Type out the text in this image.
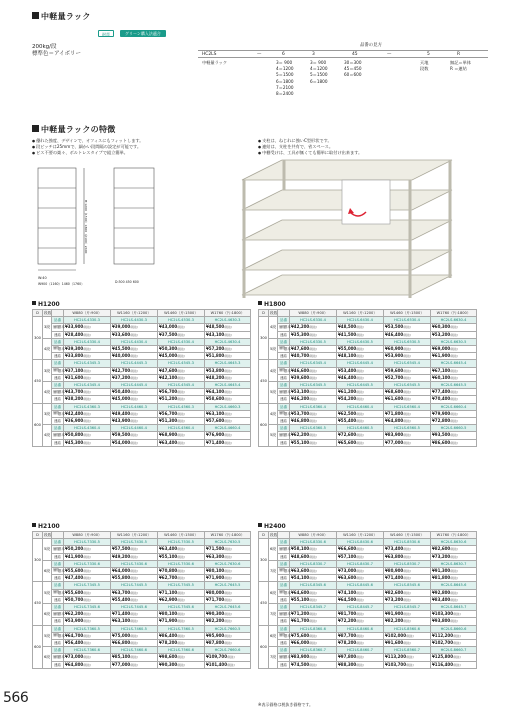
中軽量ラック
耐震	グリーン購入法適合
200kg/段
標準色＝アイボリー
品番の見方
HC2LS	—	6	3	45	—	5	R
中軽量ラック	3＝ 900
4＝1200
5＝1500
6＝1800
7＝2100
8＝2400
3＝ 900
4＝1200
5＝1500
6＝1800
30＝300
45＝450
60＝600
天地
段数
無記＝単体
R ＝連結
中軽量ラックの特徴
● 優れた強度、デザインで、オフィスにもフィットします。
● 段ピッチは25mmで、細かい段間隔の設定が可能です。
● ビス不要の楽々、ボルトレスタイプで組立簡単。
● 支柱は、ねじれに強いC型形状です。
● 連結は、支柱を共有で、省スペース。
● 中棚受けは、工具が無くても簡単に取付け出来ます。
W:40
W900（1160）1460（1760）	D:300 450 600
H:1200（1500）1800（2100）2400
H1200
D	段数		W880（片:900）	W1160（片:1200）	W1460（片:1500）	W1760（片:1800）
300	3段	品番	HC2LS-4330-3	HC2LS-4430-3	HC2LS-4530-3	HC2LS-4630-3
		価格基本	¥33,900(税抜)	¥39,000(税抜)	¥43,000(税抜)	¥48,500(税抜)
		連結	¥28,400(税抜)	¥33,600(税抜)	¥37,500(税抜)	¥43,100(税抜)
	4段	品番	HC2LS-4330-4	HC2LS-4430-4	HC2LS-4530-4	HC2LS-4630-4
		価格基本	¥39,300(税抜)	¥45,500(税抜)	¥50,300(税抜)	¥57,200(税抜)
		連結	¥33,800(税抜)	¥40,000(税抜)	¥45,000(税抜)	¥51,800(税抜)
450	3段	品番	HC2LS-4345-3	HC2LS-4445-3	HC2LS-4545-3	HC2LS-4645-3
		価格基本	¥37,100(税抜)	¥42,700(税抜)	¥47,600(税抜)	¥53,800(税抜)
		連結	¥31,600(税抜)	¥37,200(税抜)	¥42,100(税抜)	¥48,200(税抜)
	4段	品番	HC2LS-4345-4	HC2LS-4445-4	HC2LS-4545-4	HC2LS-4645-4
		価格基本	¥43,700(税抜)	¥50,400(税抜)	¥56,700(税抜)	¥64,100(税抜)
		連結	¥38,200(税抜)	¥45,000(税抜)	¥51,200(税抜)	¥58,600(税抜)
600	3段	品番	HC2LS-4360-3	HC2LS-4460-3	HC2LS-4560-3	HC2LS-4660-3
		価格基本	¥42,400(税抜)	¥49,400(税抜)	¥56,700(税抜)	¥63,100(税抜)
		連結	¥36,900(税抜)	¥43,900(税抜)	¥51,300(税抜)	¥57,600(税抜)
	4段	品番	HC2LS-4360-4	HC2LS-4460-4	HC2LS-4560-4	HC2LS-4660-4
		価格基本	¥50,800(税抜)	¥59,500(税抜)	¥68,900(税抜)	¥76,900(税抜)
		連結	¥45,300(税抜)	¥54,000(税抜)	¥63,400(税抜)	¥71,400(税抜)
H1800
D	段数		W880（片:900）	W1160（片:1200）	W1460（片:1500）	W1760（片:1800）
300	4段	品番	HC2LS-6330-4	HC2LS-6430-4	HC2LS-6530-4	HC2LS-6630-4
		価格基本	¥42,200(税抜)	¥48,500(税抜)	¥53,500(税抜)	¥60,300(税抜)
		連結	¥35,300(税抜)	¥41,500(税抜)	¥46,400(税抜)	¥53,200(税抜)
	5段	品番	HC2LS-6330-5	HC2LS-6430-5	HC2LS-6530-5	HC2LS-6630-5
		価格基本	¥47,600(税抜)	¥55,000(税抜)	¥60,900(税抜)	¥69,000(税抜)
		連結	¥40,700(税抜)	¥48,100(税抜)	¥53,900(税抜)	¥61,900(税抜)
450	4段	品番	HC2LS-6345-4	HC2LS-6445-4	HC2LS-6545-4	HC2LS-6645-4
		価格基本	¥46,600(税抜)	¥53,400(税抜)	¥59,600(税抜)	¥67,100(税抜)
		連結	¥39,600(税抜)	¥46,400(税抜)	¥52,700(税抜)	¥60,100(税抜)
	5段	品番	HC2LS-6345-5	HC2LS-6445-5	HC2LS-6545-5	HC2LS-6645-5
		価格基本	¥53,100(税抜)	¥61,200(税抜)	¥68,600(税抜)	¥77,400(税抜)
		連結	¥46,200(税抜)	¥54,200(税抜)	¥61,600(税抜)	¥70,400(税抜)
600	4段	品番	HC2LS-6360-4	HC2LS-6460-4	HC2LS-6560-4	HC2LS-6660-4
		価格基本	¥53,700(税抜)	¥62,500(税抜)	¥71,800(税抜)	¥79,900(税抜)
		連結	¥46,800(税抜)	¥55,400(税抜)	¥64,800(税抜)	¥72,800(税抜)
	5段	品番	HC2LS-6360-5	HC2LS-6460-5	HC2LS-6560-5	HC2LS-6660-5
		価格基本	¥62,200(税抜)	¥72,600(税抜)	¥83,900(税抜)	¥93,500(税抜)
		連結	¥55,100(税抜)	¥65,600(税抜)	¥77,000(税抜)	¥86,600(税抜)
H2100
D	段数		W880（片:900）	W1160（片:1200）	W1460（片:1500）	W1760（片:1800）
300	5段	品番	HC2LS-7330-5	HC2LS-7430-5	HC2LS-7530-5	HC2LS-7630-5
		価格基本	¥50,200(税抜)	¥57,500(税抜)	¥63,400(税抜)	¥71,500(税抜)
		連結	¥41,900(税抜)	¥49,200(税抜)	¥55,100(税抜)	¥63,300(税抜)
	6段	品番	HC2LS-7330-6	HC2LS-7430-6	HC2LS-7530-6	HC2LS-7630-6
		価格基本	¥55,600(税抜)	¥64,000(税抜)	¥70,800(税抜)	¥80,100(税抜)
		連結	¥47,400(税抜)	¥55,800(税抜)	¥62,700(税抜)	¥71,900(税抜)
450	5段	品番	HC2LS-7345-5	HC2LS-7445-5	HC2LS-7545-5	HC2LS-7645-5
		価格基本	¥55,600(税抜)	¥63,700(税抜)	¥71,100(税抜)	¥80,000(税抜)
		連結	¥50,700(税抜)	¥55,400(税抜)	¥62,900(税抜)	¥71,700(税抜)
	6段	品番	HC2LS-7345-6	HC2LS-7445-6	HC2LS-7545-6	HC2LS-7645-6
		価格基本	¥62,200(税抜)	¥71,400(税抜)	¥80,100(税抜)	¥90,300(税抜)
		連結	¥53,900(税抜)	¥63,100(税抜)	¥71,900(税抜)	¥82,200(税抜)
600	5段	品番	HC2LS-7360-5	HC2LS-7460-5	HC2LS-7560-5	HC2LS-7660-5
		価格基本	¥64,700(税抜)	¥75,000(税抜)	¥86,400(税抜)	¥95,900(税抜)
		連結	¥56,400(税抜)	¥66,800(税抜)	¥78,200(税抜)	¥87,800(税抜)
	6段	品番	HC2LS-7360-6	HC2LS-7460-6	HC2LS-7560-6	HC2LS-7660-6
		価格基本	¥73,000(税抜)	¥85,100(税抜)	¥98,600(税抜)	¥109,700(税抜)
		連結	¥64,800(税抜)	¥77,000(税抜)	¥90,300(税抜)	¥101,400(税抜)
H2400
D	段数		W880（片:900）	W1160（片:1200）	W1460（片:1500）	W1760（片:1800）
300	6段	品番	HC2LS-8330-6	HC2LS-8430-6	HC2LS-8530-6	HC2LS-8630-6
		価格基本	¥58,100(税抜)	¥66,600(税抜)	¥73,400(税抜)	¥82,600(税抜)
		連結	¥48,600(税抜)	¥57,100(税抜)	¥63,800(税抜)	¥73,200(税抜)
	7段	品番	HC2LS-8330-7	HC2LS-8430-7	HC2LS-8530-7	HC2LS-8630-7
		価格基本	¥63,600(税抜)	¥73,000(税抜)	¥80,900(税抜)	¥91,300(税抜)
		連結	¥54,100(税抜)	¥63,600(税抜)	¥71,400(税抜)	¥81,800(税抜)
450	6段	品番	HC2LS-8345-6	HC2LS-8445-6	HC2LS-8545-6	HC2LS-8645-6
		価格基本	¥64,600(税抜)	¥74,100(税抜)	¥82,600(税抜)	¥92,800(税抜)
		連結	¥55,100(税抜)	¥64,500(税抜)	¥73,200(税抜)	¥83,400(税抜)
	7段	品番	HC2LS-8345-7	HC2LS-8445-7	HC2LS-8545-7	HC2LS-8645-7
		価格基本	¥71,200(税抜)	¥81,700(税抜)	¥91,900(税抜)	¥103,300(税抜)
		連結	¥61,700(税抜)	¥72,200(税抜)	¥82,200(税抜)	¥93,800(税抜)
600	6段	品番	HC2LS-8360-6	HC2LS-8460-6	HC2LS-8560-6	HC2LS-8660-6
		価格基本	¥75,600(税抜)	¥87,700(税抜)	¥102,000(税抜)	¥112,200(税抜)
		連結	¥66,000(税抜)	¥78,200(税抜)	¥91,600(税抜)	¥102,700(税抜)
	7段	品番	HC2LS-8360-7	HC2LS-8460-7	HC2LS-8560-7	HC2LS-8660-7
		価格基本	¥83,900(税抜)	¥97,800(税抜)	¥113,200(税抜)	¥125,800(税抜)
		連結	¥74,500(税抜)	¥88,300(税抜)	¥103,700(税抜)	¥116,400(税抜)
566	※表示価格は税抜き価格です。
